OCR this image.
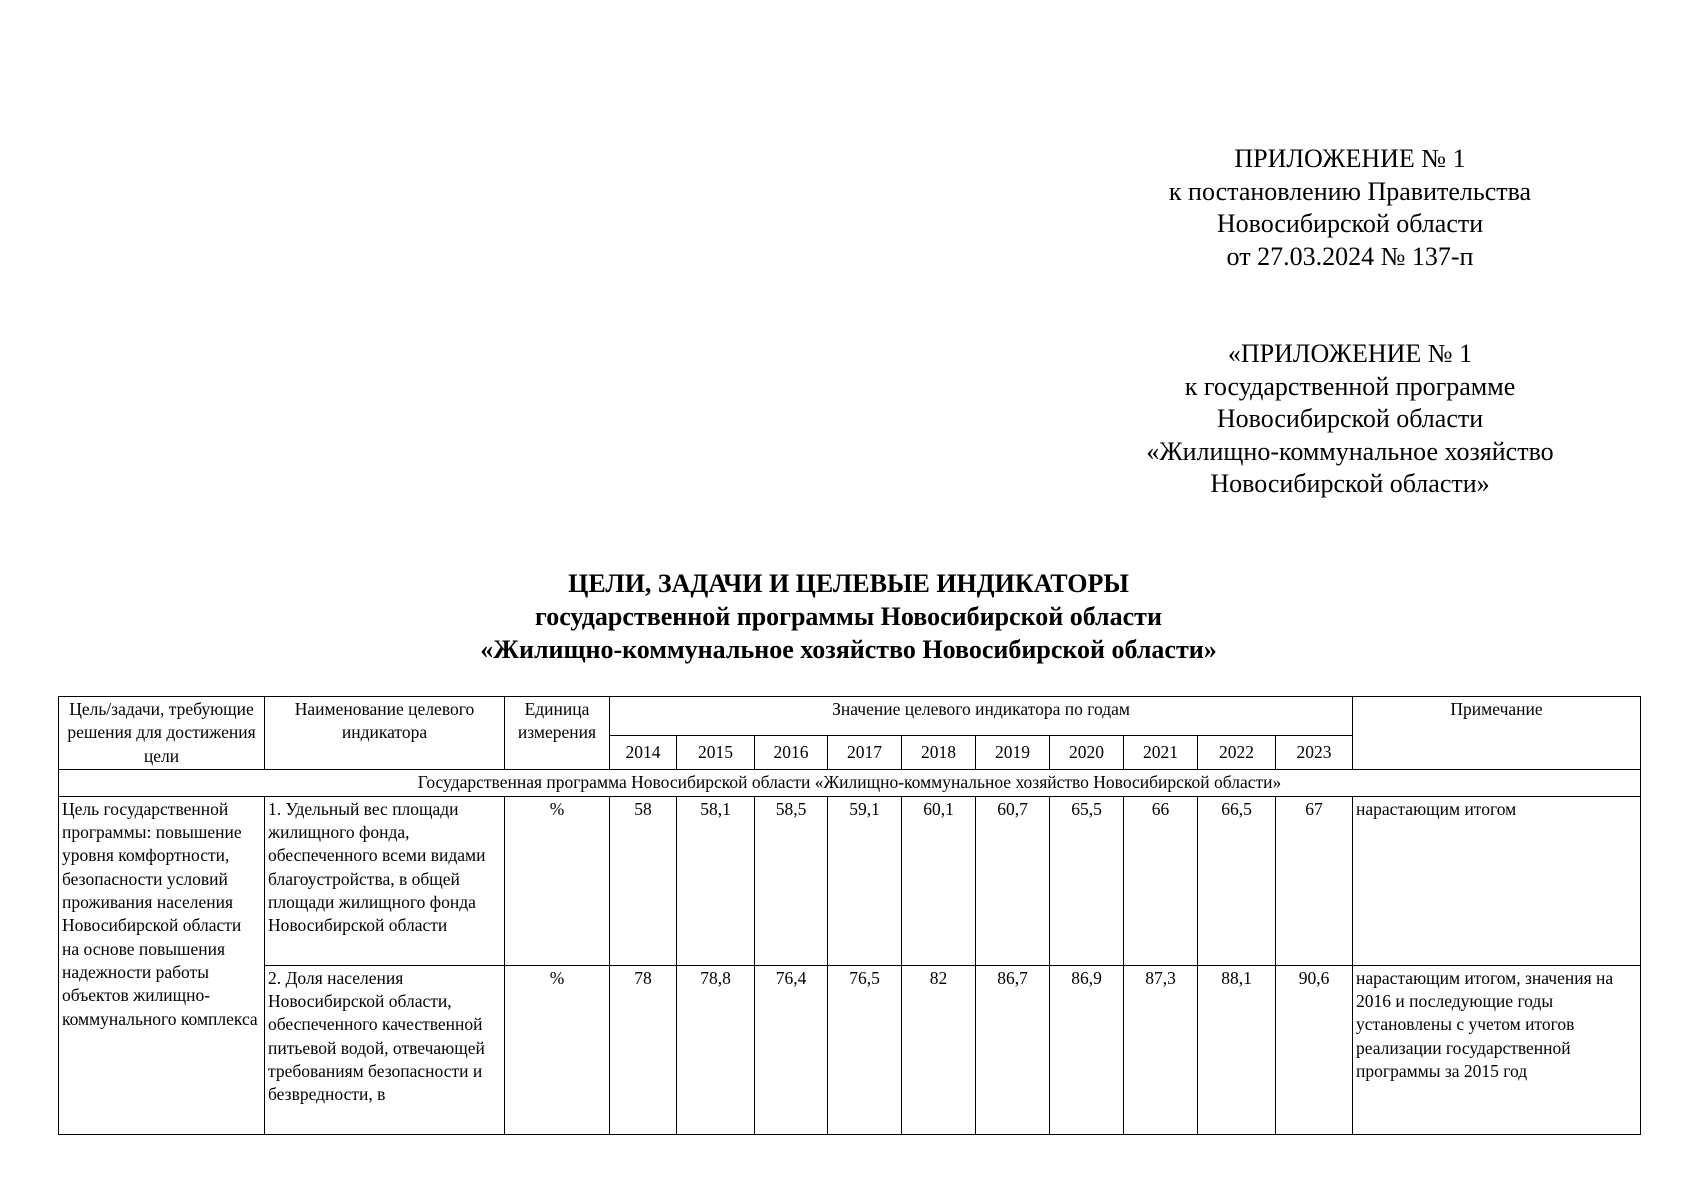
ПРИЛОЖЕНИЕ № 1
к постановлению Правительства
Новосибирской области
от 27.03.2024 № 137-п
«ПРИЛОЖЕНИЕ № 1
к государственной программе
Новосибирской области
«Жилищно-коммунальное хозяйство
Новосибирской области»
ЦЕЛИ, ЗАДАЧИ И ЦЕЛЕВЫЕ ИНДИКАТОРЫ
государственной программы Новосибирской области
«Жилищно-коммунальное хозяйство Новосибирской области»
Цель/задачи, требующие решения для достижения цели	Наименование целевого индикатора	Единица измерения	Значение целевого индикатора по годам										Примечание
			2014	2015	2016	2017	2018	2019	2020	2021	2022	2023	
Государственная программа Новосибирской области «Жилищно-коммунальное хозяйство Новосибирской области»													
Цель государственной программы: повышение уровня комфортности, безопасности условий проживания населения Новосибирской области на основе повышения надежности работы объектов жилищно-коммунального комплекса	1. Удельный вес площади жилищного фонда, обеспеченного всеми видами благоустройства, в общей площади жилищного фонда Новосибирской области	%	58	58,1	58,5	59,1	60,1	60,7	65,5	66	66,5	67	нарастающим итогом
	2. Доля населения Новосибирской области, обеспеченного качественной питьевой водой, отвечающей требованиям безопасности и безвредности, в	%	78	78,8	76,4	76,5	82	86,7	86,9	87,3	88,1	90,6	нарастающим итогом, значения на 2016 и последующие годы установлены с учетом итогов реализации государственной программы за 2015 год
